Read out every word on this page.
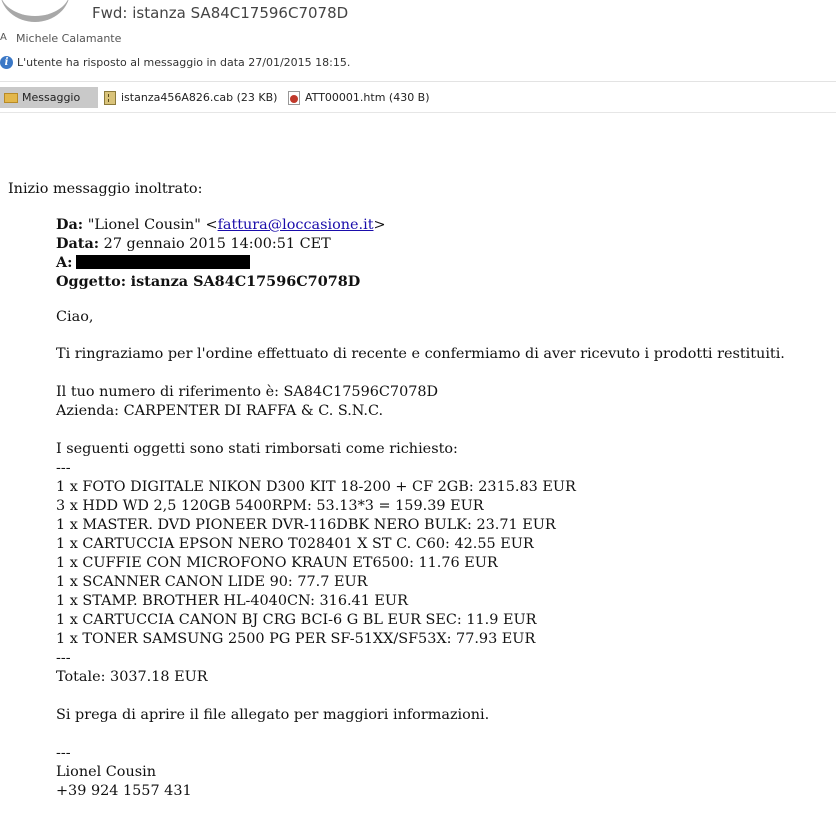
Fwd: istanza SA84C17596C7078D
A Michele Calamante
i L'utente ha risposto al messaggio in data 27/01/2015 18:15.
Messaggio	istanza456A826.cab (23 KB)	ATT00001.htm (430 B)
Inizio messaggio inoltrato:
Da: "Lionel Cousin" <fattura@loccasione.it>
Data: 27 gennaio 2015 14:00:51 CET
A:
Oggetto: istanza SA84C17596C7078D
Ciao,
Ti ringraziamo per l'ordine effettuato di recente e confermiamo di aver ricevuto i prodotti restituiti.
Il tuo numero di riferimento è: SA84C17596C7078D
Azienda: CARPENTER DI RAFFA & C. S.N.C.
I seguenti oggetti sono stati rimborsati come richiesto:
---
1 x FOTO DIGITALE NIKON D300 KIT 18-200 + CF 2GB: 2315.83 EUR
3 x HDD WD 2,5 120GB 5400RPM: 53.13*3 = 159.39 EUR
1 x MASTER. DVD PIONEER DVR-116DBK NERO BULK: 23.71 EUR
1 x CARTUCCIA EPSON NERO T028401 X ST C. C60: 42.55 EUR
1 x CUFFIE CON MICROFONO KRAUN ET6500: 11.76 EUR
1 x SCANNER CANON LIDE 90: 77.7 EUR
1 x STAMP. BROTHER HL-4040CN: 316.41 EUR
1 x CARTUCCIA CANON BJ CRG BCI-6 G BL EUR SEC: 11.9 EUR
1 x TONER SAMSUNG 2500 PG PER SF-51XX/SF53X: 77.93 EUR
---
Totale: 3037.18 EUR
Si prega di aprire il file allegato per maggiori informazioni.
---
Lionel Cousin
+39 924 1557 431
